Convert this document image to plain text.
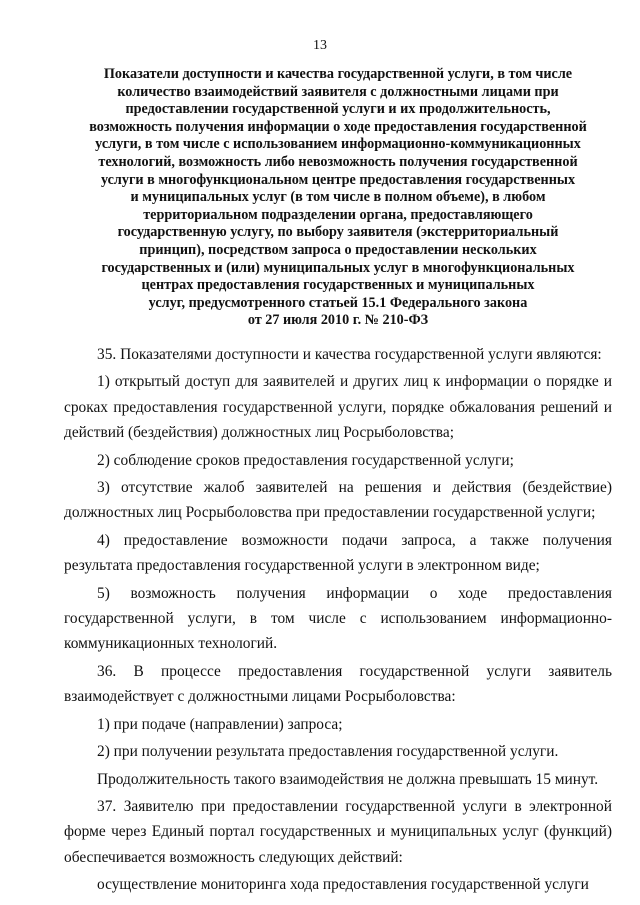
13
Показатели доступности и качества государственной услуги, в том числе
количество взаимодействий заявителя с должностными лицами при
предоставлении государственной услуги и их продолжительность,
возможность получения информации о ходе предоставления государственной
услуги, в том числе с использованием информационно-коммуникационных
технологий, возможность либо невозможность получения государственной
услуги в многофункциональном центре предоставления государственных
и муниципальных услуг (в том числе в полном объеме), в любом
территориальном подразделении органа, предоставляющего
государственную услугу, по выбору заявителя (экстерриториальный
принцип), посредством запроса о предоставлении нескольких
государственных и (или) муниципальных услуг в многофункциональных
центрах предоставления государственных и муниципальных
услуг, предусмотренного статьей 15.1 Федерального закона
от 27 июля 2010 г. № 210-ФЗ

35. Показателями доступности и качества государственной услуги являются:

1) открытый доступ для заявителей и других лиц к информации о порядке и сроках предоставления государственной услуги, порядке обжалования решений и действий (бездействия) должностных лиц Росрыболовства;

2) соблюдение сроков предоставления государственной услуги;

3) отсутствие жалоб заявителей на решения и действия (бездействие) должностных лиц Росрыболовства при предоставлении государственной услуги;

4) предоставление возможности подачи запроса, а также получения результата предоставления государственной услуги в электронном виде;

5) возможность получения информации о ходе предоставления государственной услуги, в том числе с использованием информационно-коммуникационных технологий.

36. В процессе предоставления государственной услуги заявитель взаимодействует с должностными лицами Росрыболовства:

1) при подаче (направлении) запроса;

2) при получении результата предоставления государственной услуги.

Продолжительность такого взаимодействия не должна превышать 15 минут.

37. Заявителю при предоставлении государственной услуги в электронной форме через Единый портал государственных и муниципальных услуг (функций) обеспечивается возможность следующих действий:

осуществление мониторинга хода предоставления государственной услуги
